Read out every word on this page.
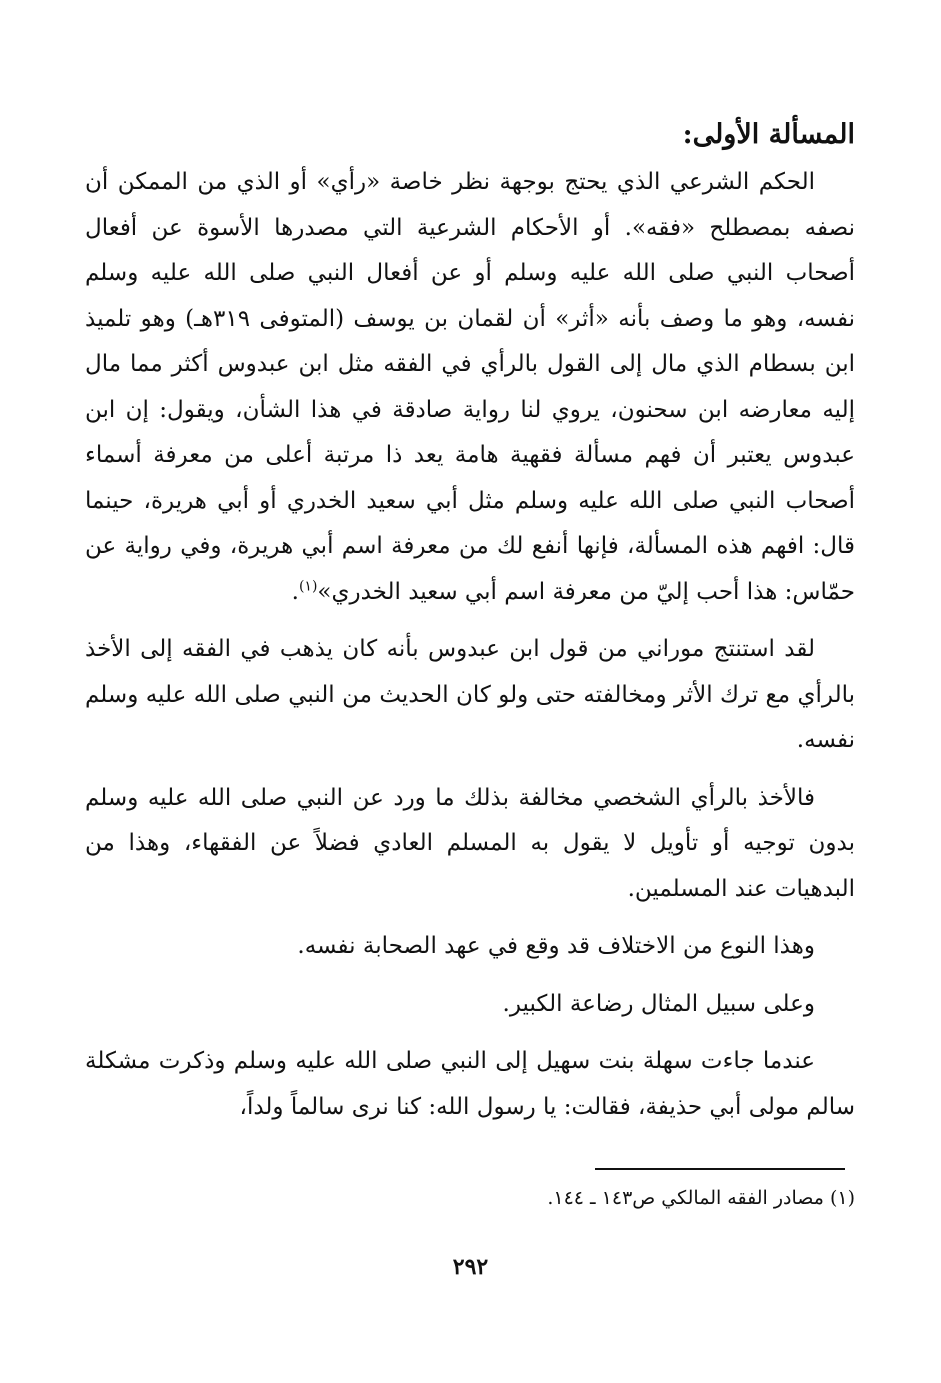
المسألة الأولى:

الحكم الشرعي الذي يحتج بوجهة نظر خاصة «رأي» أو الذي من الممكن أن نصفه بمصطلح «فقه». أو الأحكام الشرعية التي مصدرها الأسوة عن أفعال أصحاب النبي صلى الله عليه وسلم أو عن أفعال النبي صلى الله عليه وسلم نفسه، وهو ما وصف بأنه «أثر» أن لقمان بن يوسف (المتوفى ٣١٩هـ) وهو تلميذ ابن بسطام الذي مال إلى القول بالرأي في الفقه مثل ابن عبدوس أكثر مما مال إليه معارضه ابن سحنون، يروي لنا رواية صادقة في هذا الشأن، ويقول: إن ابن عبدوس يعتبر أن فهم مسألة فقهية هامة يعد ذا مرتبة أعلى من معرفة أسماء أصحاب النبي صلى الله عليه وسلم مثل أبي سعيد الخدري أو أبي هريرة، حينما قال: افهم هذه المسألة، فإنها أنفع لك من معرفة اسم أبي هريرة، وفي رواية عن حمّاس: هذا أحب إليّ من معرفة اسم أبي سعيد الخدري»$^{(١)}$.

لقد استنتج موراني من قول ابن عبدوس بأنه كان يذهب في الفقه إلى الأخذ بالرأي مع ترك الأثر ومخالفته حتى ولو كان الحديث من النبي صلى الله عليه وسلم نفسه.

فالأخذ بالرأي الشخصي مخالفة بذلك ما ورد عن النبي صلى الله عليه وسلم بدون توجيه أو تأويل لا يقول به المسلم العادي فضلاً عن الفقهاء، وهذا من البدهيات عند المسلمين.

وهذا النوع من الاختلاف قد وقع في عهد الصحابة نفسه.

وعلى سبيل المثال رضاعة الكبير.

عندما جاءت سهلة بنت سهيل إلى النبي صلى الله عليه وسلم وذكرت مشكلة سالم مولى أبي حذيفة، فقالت: يا رسول الله: كنا نرى سالماً ولداً،

(١) مصادر الفقه المالكي ص١٤٣ ـ ١٤٤.

٢٩٢
